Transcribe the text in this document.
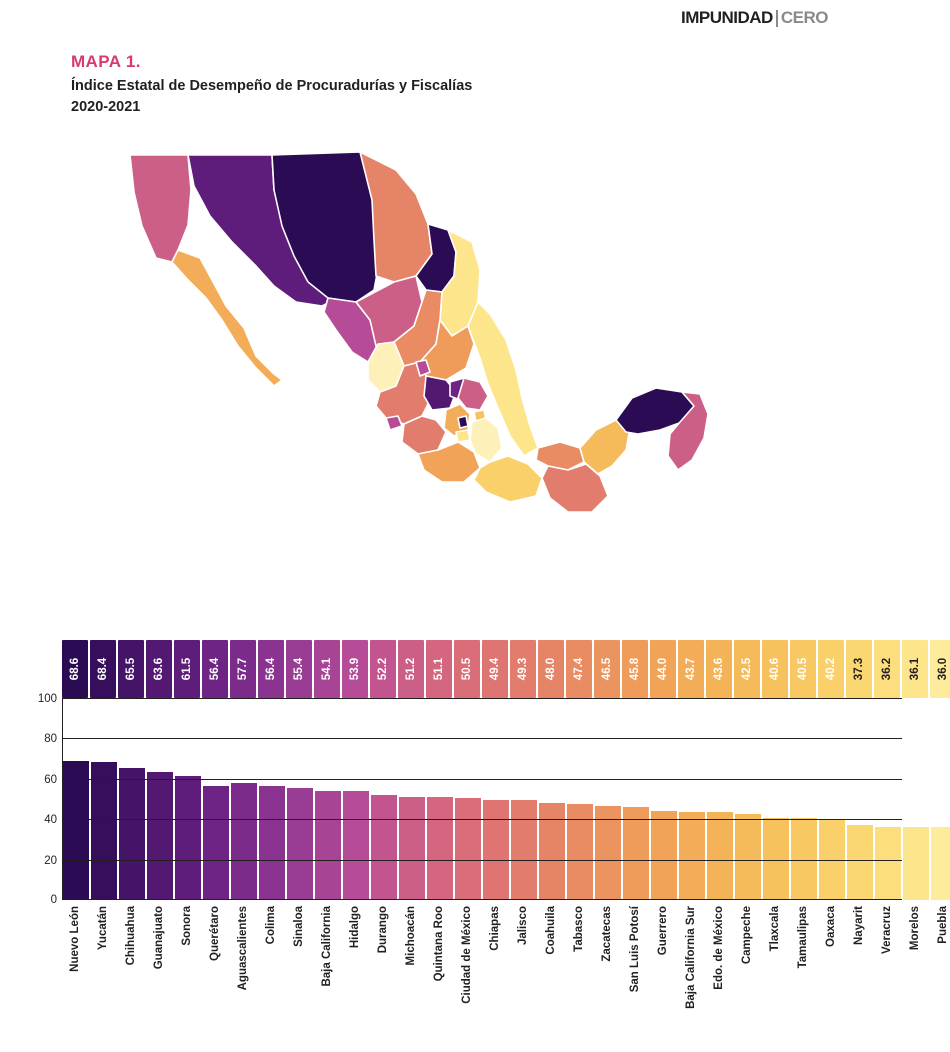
IMPUNIDAD CERO
MAPA 1.
Índice Estatal de Desempeño de Procuradurías y Fiscalías 2020-2021
68.6 68.4 65.5 63.6 61.5 56.4 57.7 56.4 55.4 54.1 53.9 52.2 51.2 51.1 50.5 49.4 49.3 48.0 47.4 46.5 45.8 44.0 43.7 43.6 42.5 40.6 40.5 40.2 37.3 36.2 36.1 36.0
0
20
40
60
80
100
Nuevo León Yucatán Chihuahua Guanajuato Sonora Querétaro Aguascalientes Colima Sinaloa Baja California Hidalgo Durango Michoacán Quintana Roo Ciudad de México Chiapas Jalisco Coahuila Tabasco Zacatecas San Luis Potosí Guerrero Baja California Sur Edo. de México Campeche Tlaxcala Tamaulipas Oaxaca Nayarit Veracruz Morelos Puebla
